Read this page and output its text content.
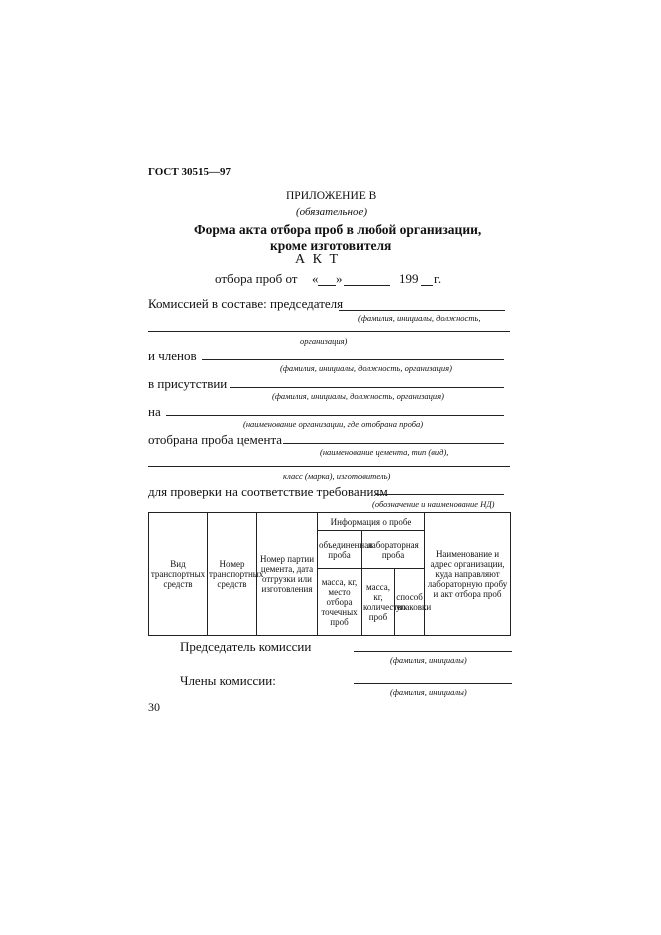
ГОСТ 30515—97
ПРИЛОЖЕНИЕ В
(обязательное)
Форма акта отбора проб в любой организации,
кроме изготовителя
А К Т
отбора проб от « »	199 г.
Комиссией в составе: председателя
(фамилия, инициалы, должность,
организация)
и членов
(фамилия, инициалы, должность, организация)
в присутствии
(фамилия, инициалы, должность, организация)
на
(наименование организации, где отобрана проба)
отобрана проба цемента
(наименование цемента, тип (вид),
класс (марка), изготовитель)
для проверки на соответствие требованиям
(обозначение и наименование НД)
Вид транспортных средств	Номер транспортных средств	Номер партии цемента, дата отгрузки или изготовления	Информация о пробе			Наименование и адрес организации, куда направляют лабораторную пробу и акт отбора проб
			объединенная проба	лабораторная проба		
			масса, кг, место отбора точечных проб	масса, кг, количество проб	способ упаковки	
Председатель комиссии
(фамилия, инициалы)
Члены комиссии:
(фамилия, инициалы)
30
